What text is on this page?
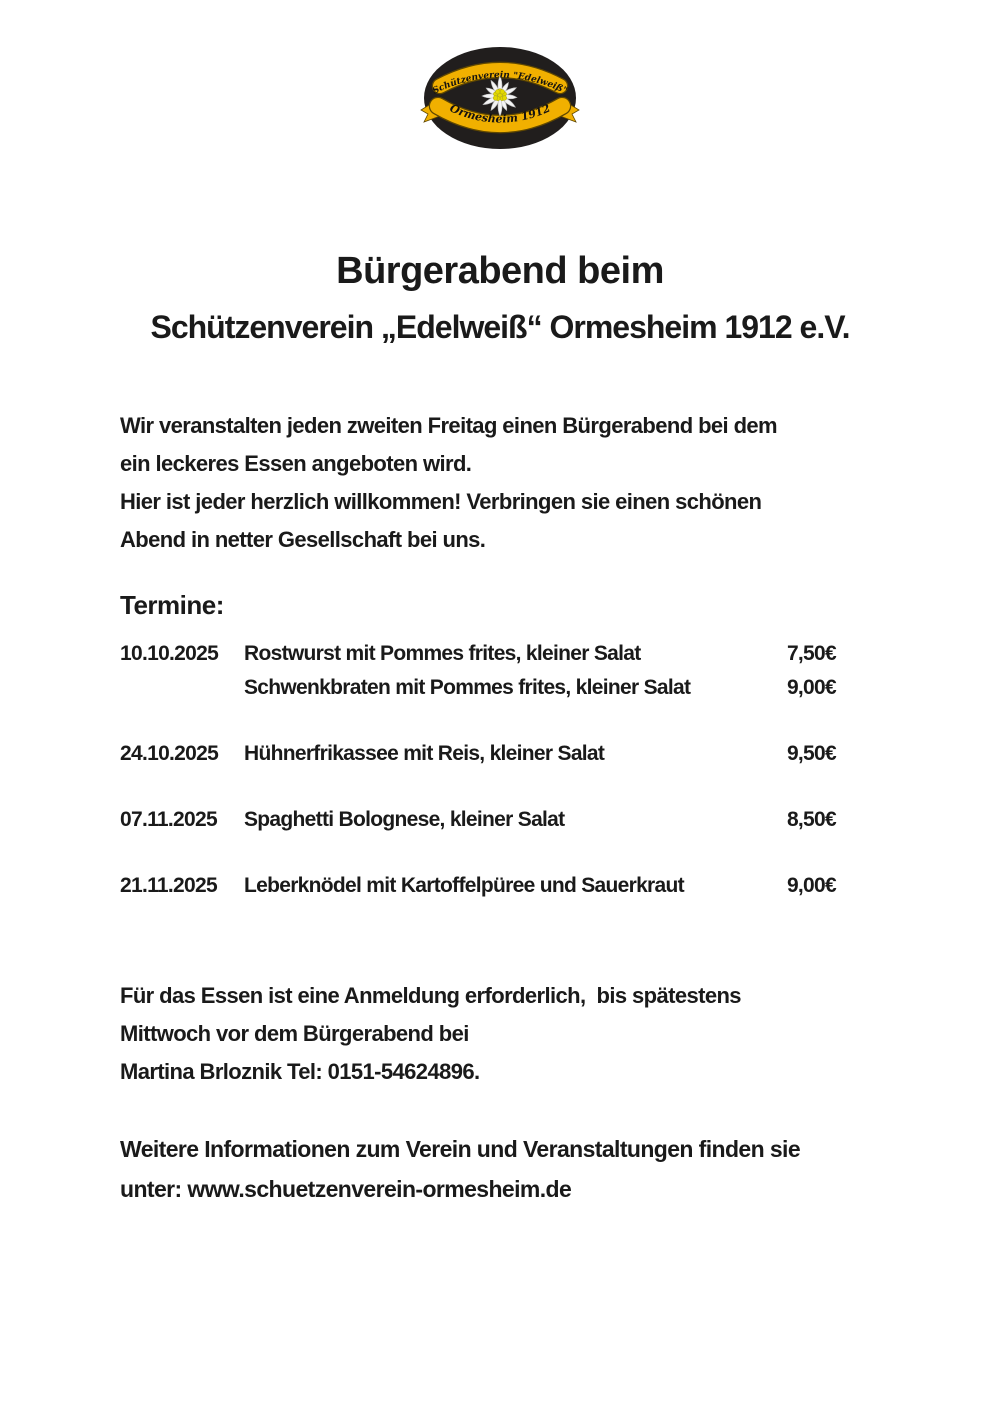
Schützenverein "Edelweiß"
Ormesheim 1912
Bürgerabend beim
Schützenverein „Edelweiß“ Ormesheim 1912 e.V.
Wir veranstalten jeden zweiten Freitag einen Bürgerabend bei dem
ein leckeres Essen angeboten wird.
Hier ist jeder herzlich willkommen! Verbringen sie einen schönen
Abend in netter Gesellschaft bei uns.
Termine:
10.10.2025	Rostwurst mit Pommes frites, kleiner Salat	7,50€
Schwenkbraten mit Pommes frites, kleiner Salat	9,00€
24.10.2025	Hühnerfrikassee mit Reis, kleiner Salat	9,50€
07.11.2025	Spaghetti Bolognese, kleiner Salat	8,50€
21.11.2025	Leberknödel mit Kartoffelpüree und Sauerkraut	9,00€
Für das Essen ist eine Anmeldung erforderlich,  bis spätestens
Mittwoch vor dem Bürgerabend bei
Martina Brloznik Tel: 0151-54624896.
Weitere Informationen zum Verein und Veranstaltungen finden sie
unter: www.schuetzenverein-ormesheim.de
